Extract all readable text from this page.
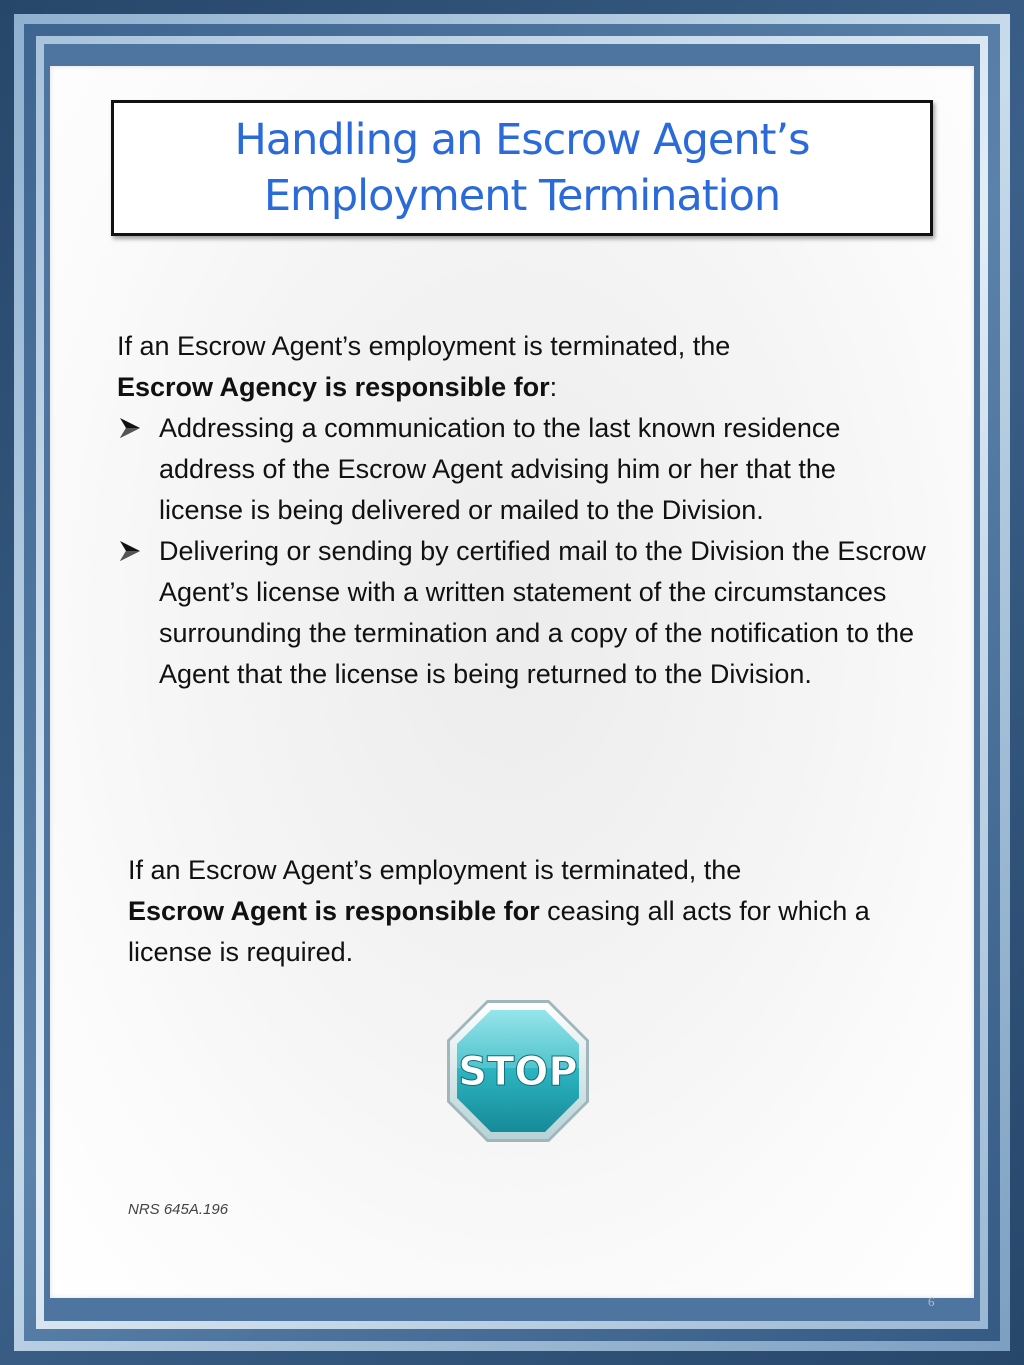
Handling an Escrow Agent’s
Employment Termination

If an Escrow Agent’s employment is terminated, the
Escrow Agency is responsible for:

Addressing a communication to the last known residence address of the Escrow Agent advising him or her that the license is being delivered or mailed to the Division.
Delivering or sending by certified mail to the Division the Escrow Agent’s license with a written statement of the circumstances surrounding the termination and a copy of the notification to the Agent that the license is being returned to the Division.

If an Escrow Agent’s employment is terminated, the
Escrow Agent is responsible for ceasing all acts for which a license is required.

STOP
NRS 645A.196
6
